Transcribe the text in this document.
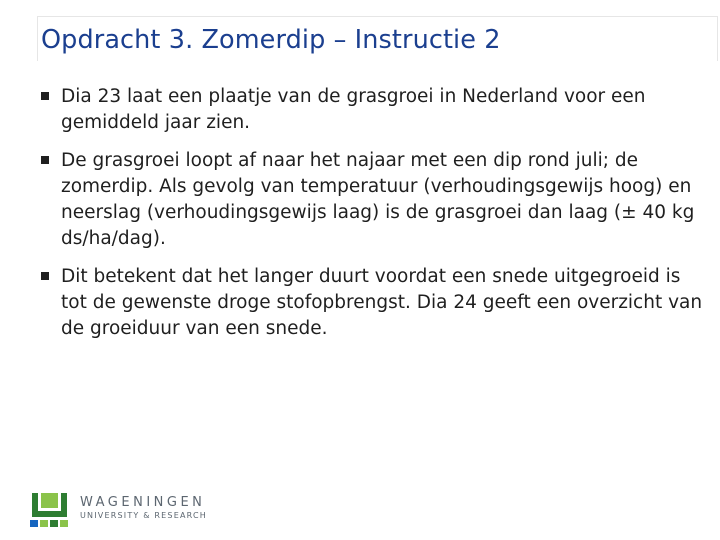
Opdracht 3. Zomerdip – Instructie 2
Dia 23 laat een plaatje van de grasgroei in Nederland voor een gemiddeld jaar zien.
De grasgroei loopt af naar het najaar met een dip rond juli; de zomerdip. Als gevolg van temperatuur (verhoudingsgewijs hoog) en neerslag (verhoudingsgewijs laag) is de grasgroei dan laag (± 40 kg ds/ha/dag).
Dit betekent dat het langer duurt voordat een snede uitgegroeid is tot de gewenste droge stofopbrengst. Dia 24 geeft een overzicht van de groeiduur van een snede.
WAGENINGEN
UNIVERSITY & RESEARCH
